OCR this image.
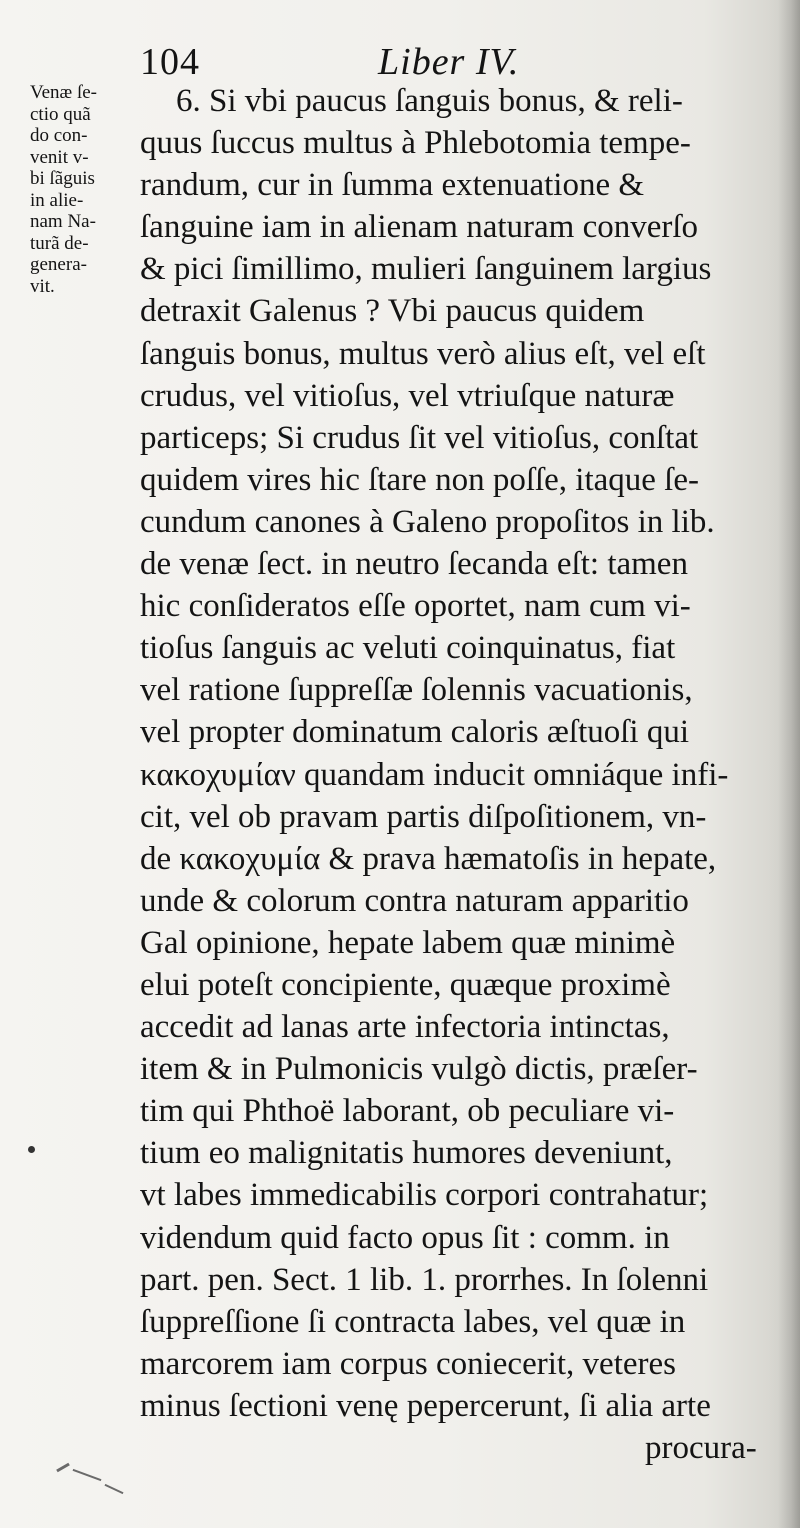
104	Liber IV.
Venæ ſe-
ctio quã
do con-
venit v-
bi ſãguis
in alie-
nam Na-
turã de-
genera-
vit.
6. Si vbi paucus ſanguis bonus, & reli-
quus ſuccus multus à Phlebotomia tempe-
randum, cur in ſumma extenuatione &
ſanguine iam in alienam naturam converſo
& pici ſimillimo, mulieri ſanguinem largius
detraxit Galenus ? Vbi paucus quidem
ſanguis bonus, multus verò alius eſt, vel eſt
crudus, vel vitioſus, vel vtriuſque naturæ
particeps; Si crudus ſit vel vitioſus, conſtat
quidem vires hic ſtare non poſſe, itaque ſe-
cundum canones à Galeno propoſitos in lib.
de venæ ſect. in neutro ſecanda eſt: tamen
hic conſideratos eſſe oportet, nam cum vi-
tioſus ſanguis ac veluti coinquinatus, fiat
vel ratione ſuppreſſæ ſolennis vacuationis,
vel propter dominatum caloris æſtuoſi qui
κακοχυμίαν quandam inducit omniáque infi-
cit, vel ob pravam partis diſpoſitionem, vn-
de κακοχυμία & prava hæmatoſis in hepate,
unde & colorum contra naturam apparitio
Gal opinione, hepate labem quæ minimè
elui poteſt concipiente, quæque proximè
accedit ad lanas arte infectoria intinctas,
item & in Pulmonicis vulgò dictis, præſer-
tim qui Phthoë laborant, ob peculiare vi-
tium eo malignitatis humores deveniunt,
vt labes immedicabilis corpori contrahatur;
videndum quid facto opus ſit : comm. in
part. pen. Sect. 1 lib. 1. prorrhes. In ſolenni
ſuppreſſione ſi contracta labes, vel quæ in
marcorem iam corpus coniecerit, veteres
minus ſectioni venę pepercerunt, ſi alia arte
procura-
